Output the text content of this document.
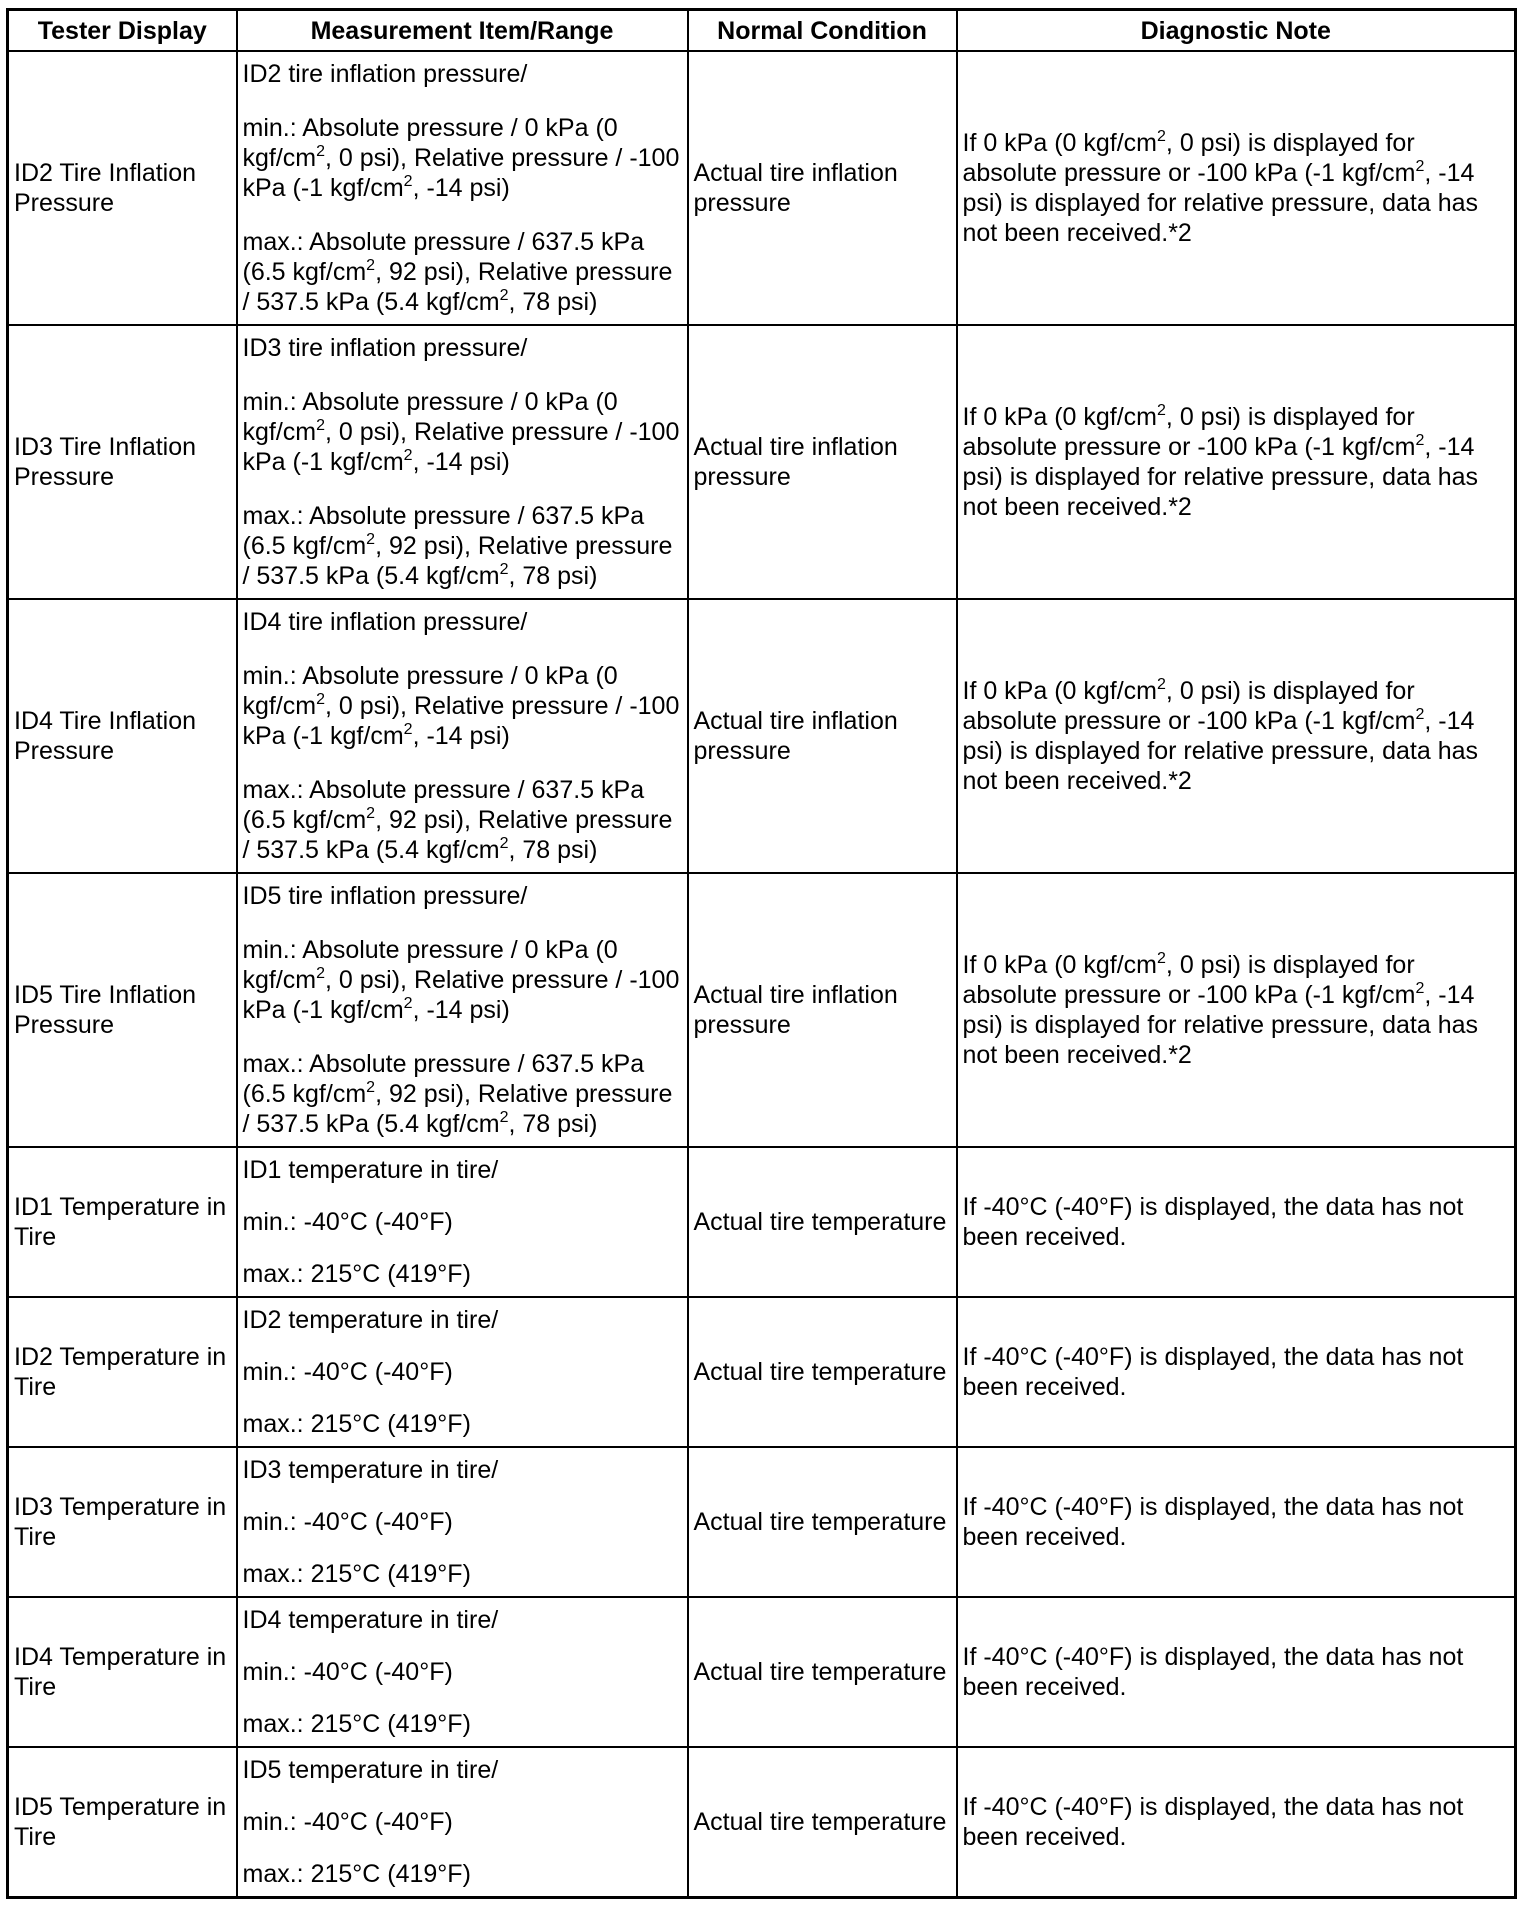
Tester Display	Measurement Item/Range	Normal Condition	Diagnostic Note
ID2 Tire Inflation Pressure	ID2 tire inflation pressure/

min.: Absolute pressure / 0 kPa (0 kgf/$cm^2$, 0 psi), Relative pressure / -100 kPa (-1 kgf/$cm^2$, -14 psi)

max.: Absolute pressure / 637.5 kPa (6.5 kgf/$cm^2$, 92 psi), Relative pressure / 537.5 kPa (5.4 kgf/$cm^2$, 78 psi)	Actual tire inflation pressure	If 0 kPa (0 kgf/$cm^2$, 0 psi) is displayed for absolute pressure or -100 kPa (-1 kgf/$cm^2$, -14 psi) is displayed for relative pressure, data has not been received.*2
ID3 Tire Inflation Pressure	ID3 tire inflation pressure/

min.: Absolute pressure / 0 kPa (0 kgf/$cm^2$, 0 psi), Relative pressure / -100 kPa (-1 kgf/$cm^2$, -14 psi)

max.: Absolute pressure / 637.5 kPa (6.5 kgf/$cm^2$, 92 psi), Relative pressure / 537.5 kPa (5.4 kgf/$cm^2$, 78 psi)	Actual tire inflation pressure	If 0 kPa (0 kgf/$cm^2$, 0 psi) is displayed for absolute pressure or -100 kPa (-1 kgf/$cm^2$, -14 psi) is displayed for relative pressure, data has not been received.*2
ID4 Tire Inflation Pressure	ID4 tire inflation pressure/

min.: Absolute pressure / 0 kPa (0 kgf/$cm^2$, 0 psi), Relative pressure / -100 kPa (-1 kgf/$cm^2$, -14 psi)

max.: Absolute pressure / 637.5 kPa (6.5 kgf/$cm^2$, 92 psi), Relative pressure / 537.5 kPa (5.4 kgf/$cm^2$, 78 psi)	Actual tire inflation pressure	If 0 kPa (0 kgf/$cm^2$, 0 psi) is displayed for absolute pressure or -100 kPa (-1 kgf/$cm^2$, -14 psi) is displayed for relative pressure, data has not been received.*2
ID5 Tire Inflation Pressure	ID5 tire inflation pressure/

min.: Absolute pressure / 0 kPa (0 kgf/$cm^2$, 0 psi), Relative pressure / -100 kPa (-1 kgf/$cm^2$, -14 psi)

max.: Absolute pressure / 637.5 kPa (6.5 kgf/$cm^2$, 92 psi), Relative pressure / 537.5 kPa (5.4 kgf/$cm^2$, 78 psi)	Actual tire inflation pressure	If 0 kPa (0 kgf/$cm^2$, 0 psi) is displayed for absolute pressure or -100 kPa (-1 kgf/$cm^2$, -14 psi) is displayed for relative pressure, data has not been received.*2
ID1 Temperature in Tire	ID1 temperature in tire/

min.: -40°C (-40°F)

max.: 215°C (419°F)	Actual tire temperature	If -40°C (-40°F) is displayed, the data has not been received.
ID2 Temperature in Tire	ID2 temperature in tire/

min.: -40°C (-40°F)

max.: 215°C (419°F)	Actual tire temperature	If -40°C (-40°F) is displayed, the data has not been received.
ID3 Temperature in Tire	ID3 temperature in tire/

min.: -40°C (-40°F)

max.: 215°C (419°F)	Actual tire temperature	If -40°C (-40°F) is displayed, the data has not been received.
ID4 Temperature in Tire	ID4 temperature in tire/

min.: -40°C (-40°F)

max.: 215°C (419°F)	Actual tire temperature	If -40°C (-40°F) is displayed, the data has not been received.
ID5 Temperature in Tire	ID5 temperature in tire/

min.: -40°C (-40°F)

max.: 215°C (419°F)	Actual tire temperature	If -40°C (-40°F) is displayed, the data has not been received.
